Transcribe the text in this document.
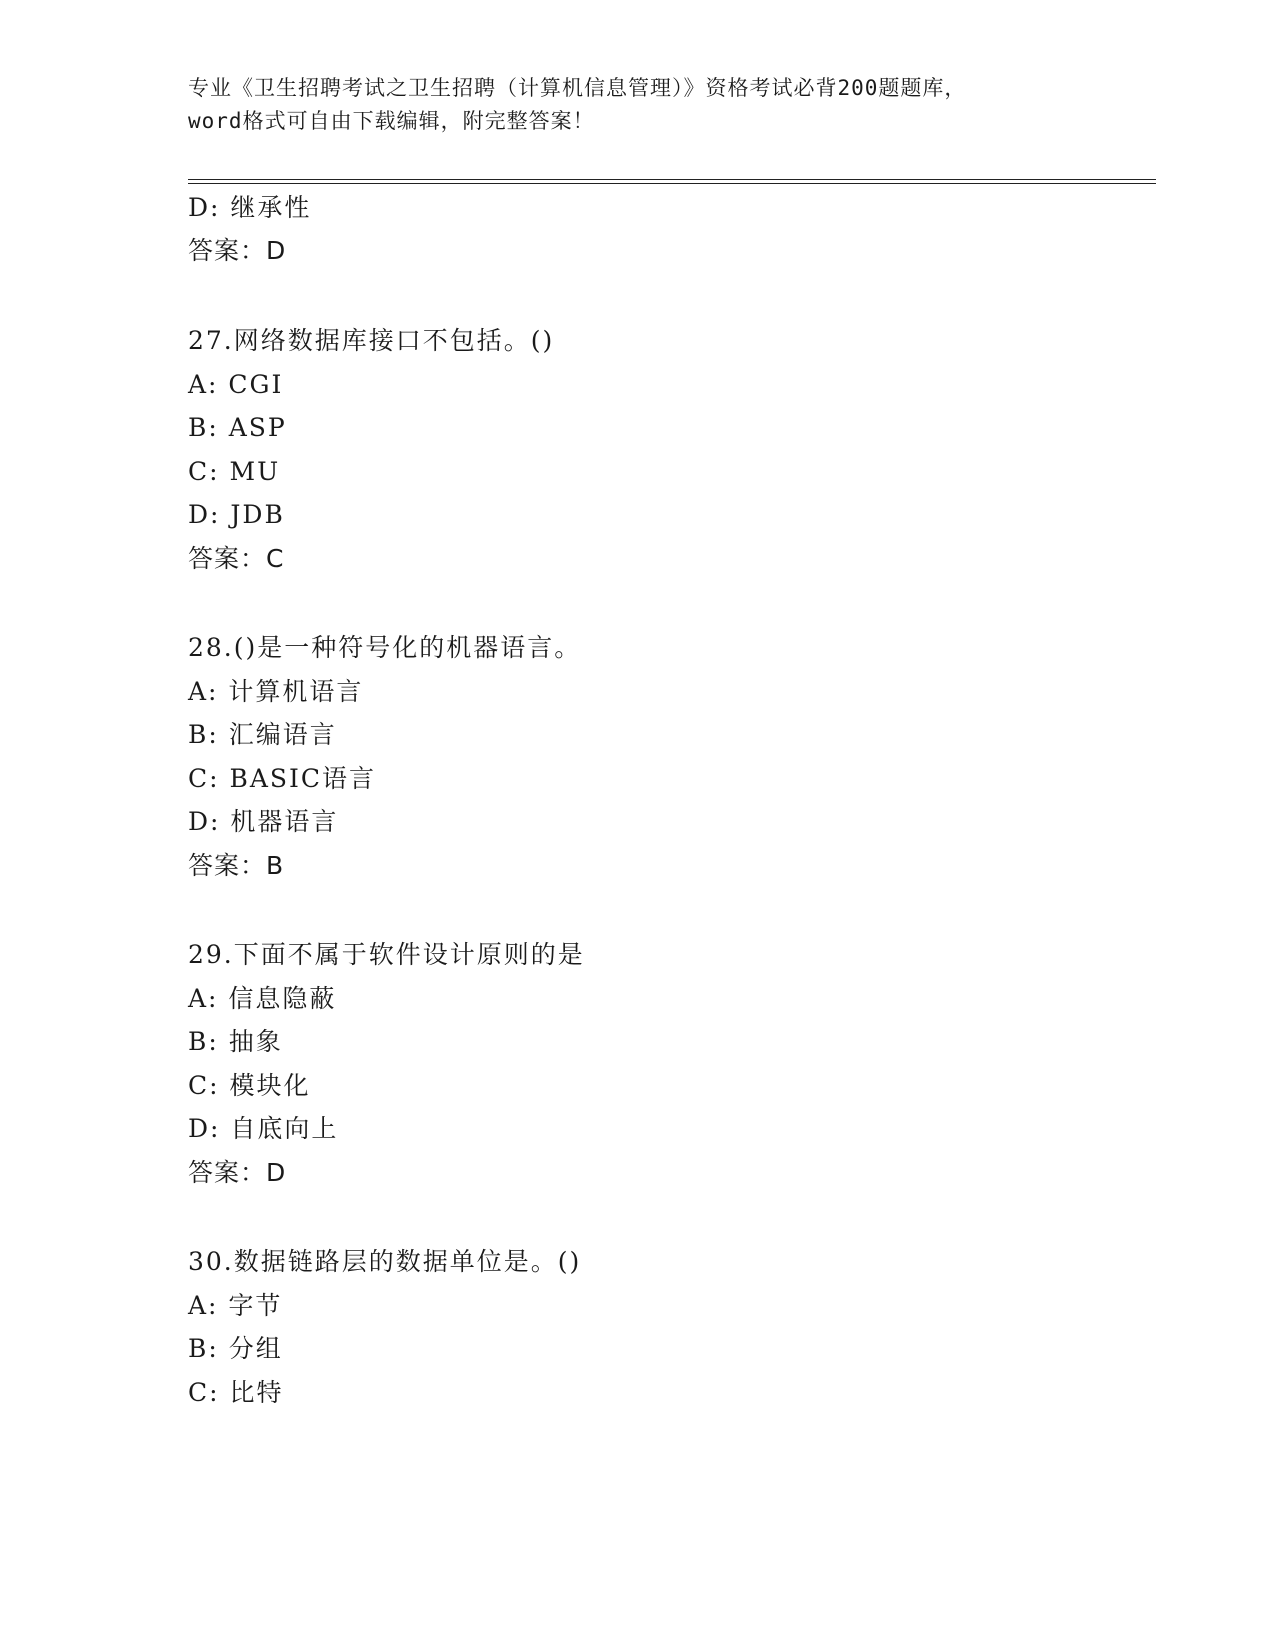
专业《卫生招聘考试之卫生招聘（计算机信息管理）》资格考试必背200题题库，
word格式可自由下载编辑，附完整答案！
D: 继承性
答案：D
27.网络数据库接口不包括。()
A: CGI
B: ASP
C: MU
D: JDB
答案：C
28.()是一种符号化的机器语言。
A: 计算机语言
B: 汇编语言
C: BASIC语言
D: 机器语言
答案：B
29.下面不属于软件设计原则的是
A: 信息隐蔽
B: 抽象
C: 模块化
D: 自底向上
答案：D
30.数据链路层的数据单位是。()
A: 字节
B: 分组
C: 比特
